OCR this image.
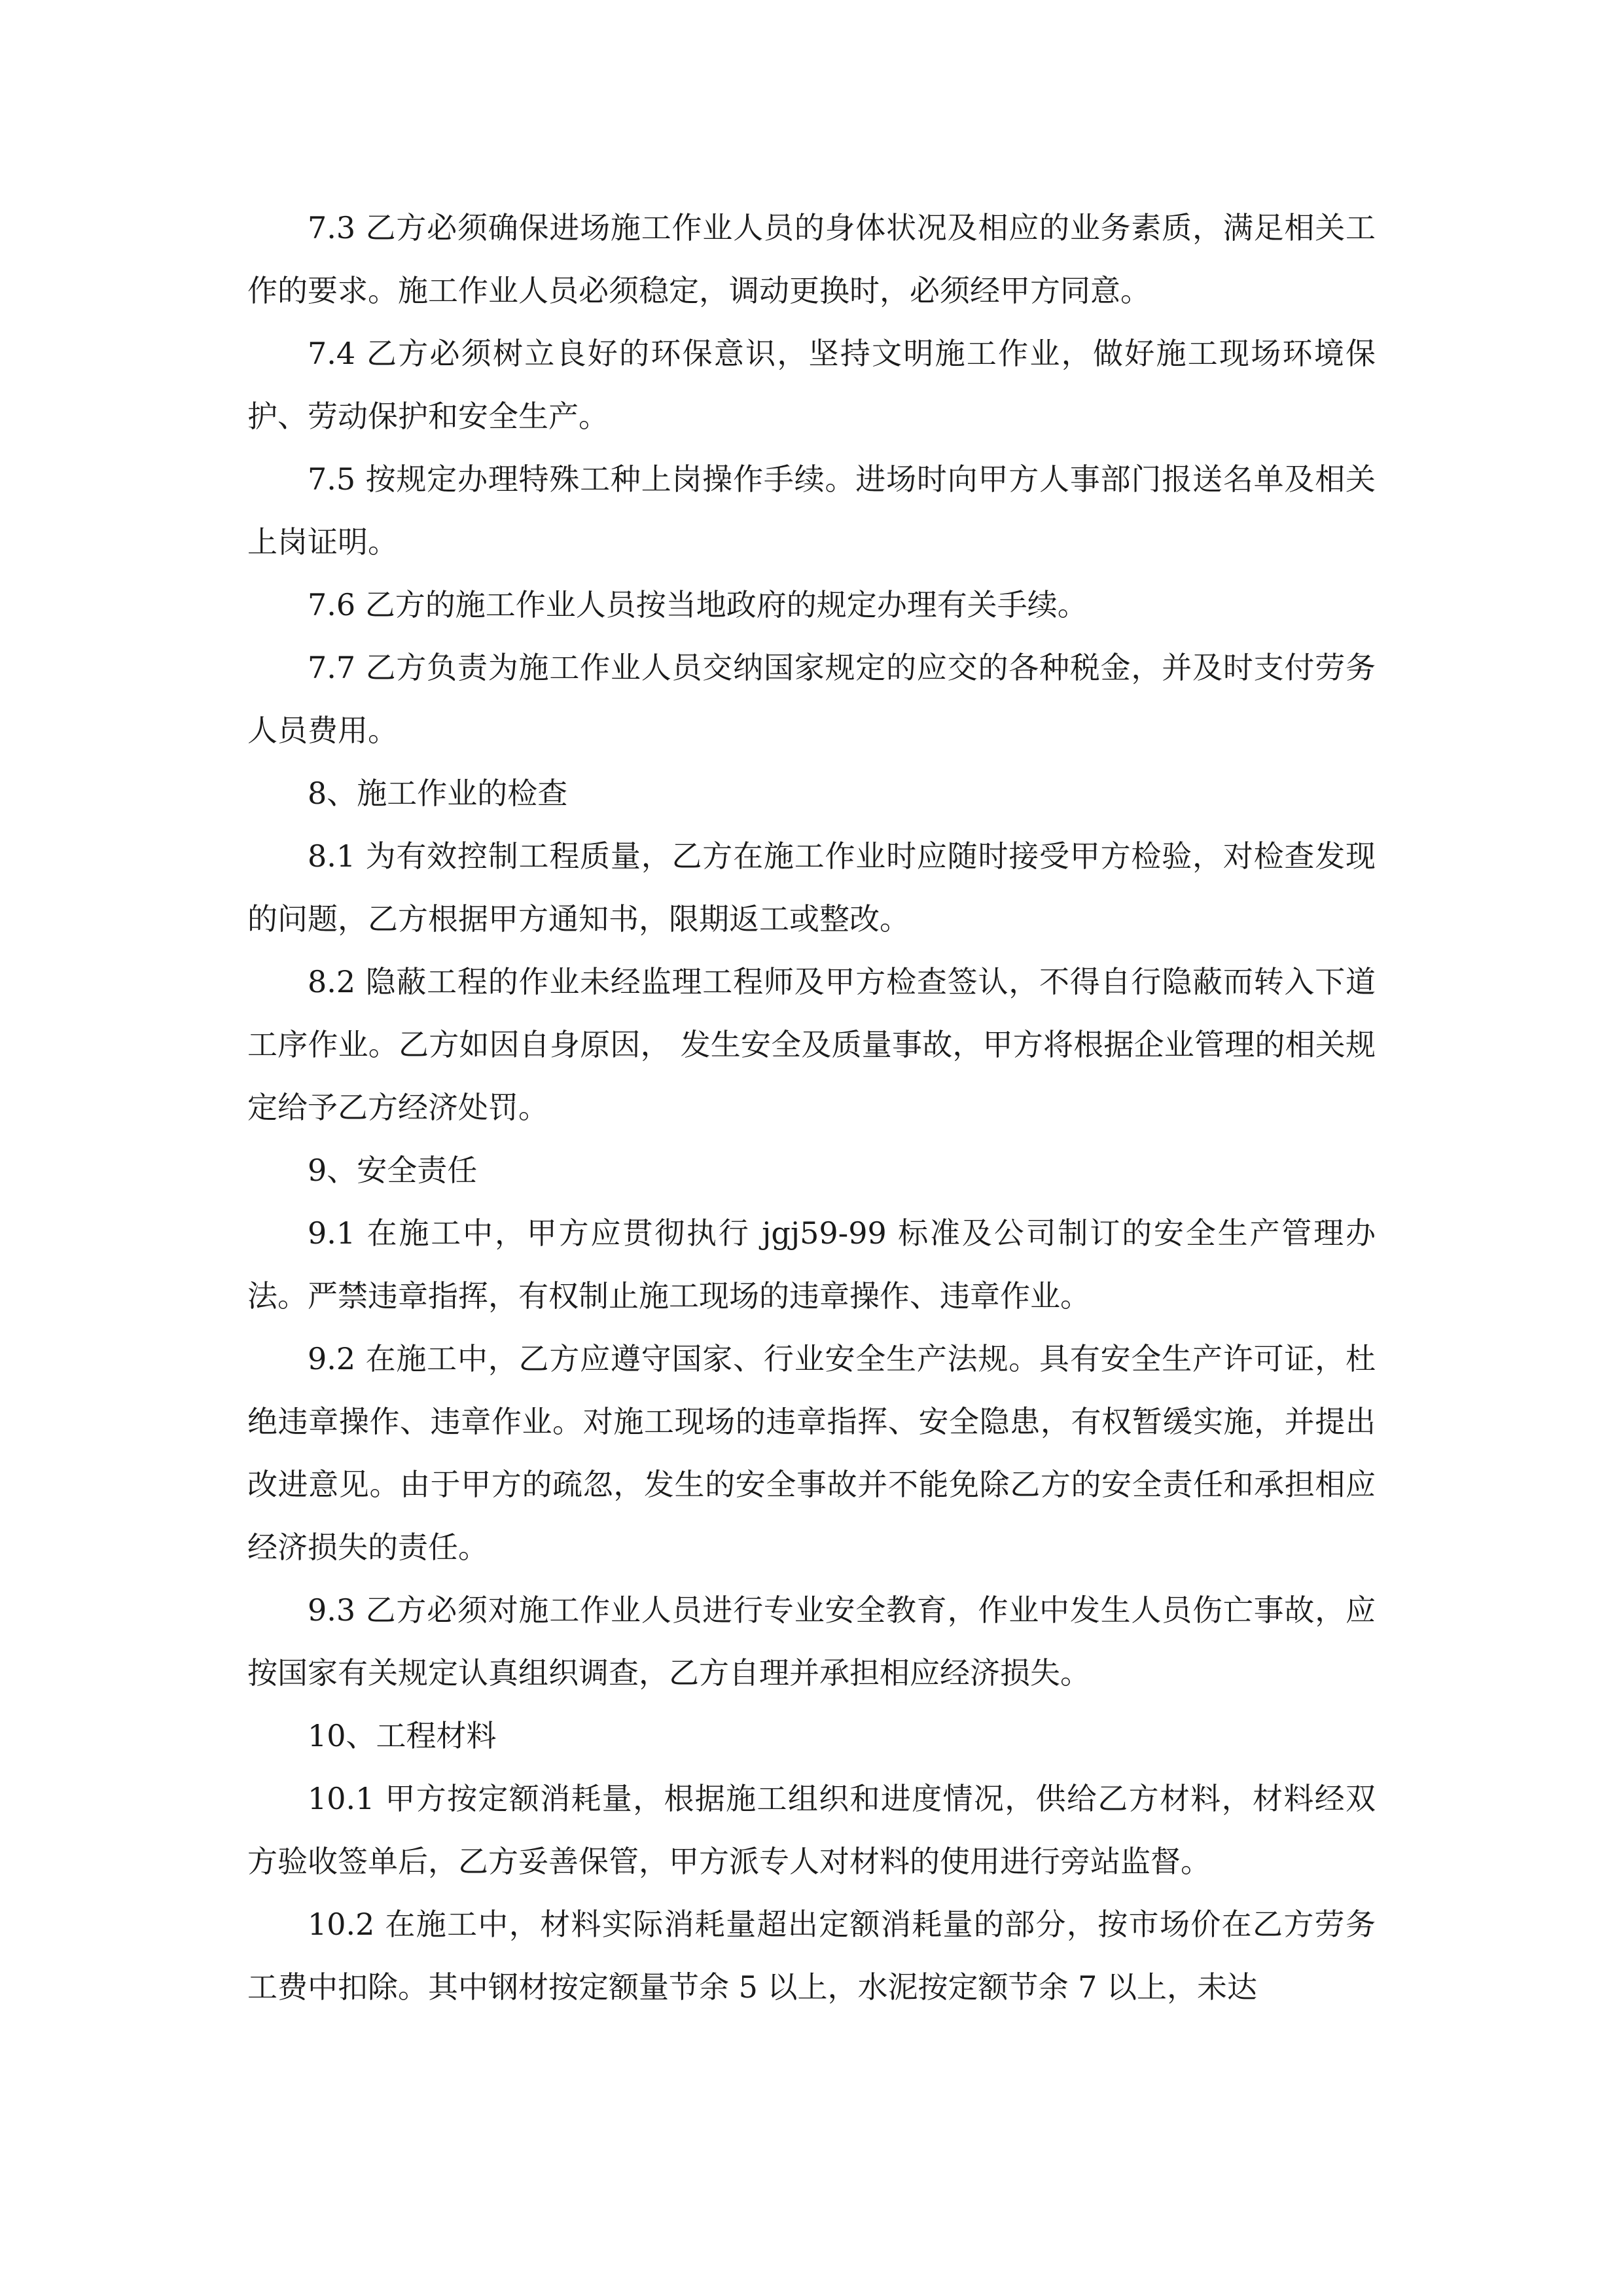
7.3 乙方必须确保进场施工作业人员的身体状况及相应的业务素质，满足相关工作的要求。施工作业人员必须稳定，调动更换时，必须经甲方同意。

7.4 乙方必须树立良好的环保意识，坚持文明施工作业，做好施工现场环境保护、劳动保护和安全生产。

7.5 按规定办理特殊工种上岗操作手续。进场时向甲方人事部门报送名单及相关上岗证明。

7.6 乙方的施工作业人员按当地政府的规定办理有关手续。

7.7 乙方负责为施工作业人员交纳国家规定的应交的各种税金，并及时支付劳务人员费用。

8、施工作业的检查

8.1 为有效控制工程质量，乙方在施工作业时应随时接受甲方检验，对检查发现的问题，乙方根据甲方通知书，限期返工或整改。

8.2 隐蔽工程的作业未经监理工程师及甲方检查签认，不得自行隐蔽而转入下道工序作业。乙方如因自身原因， 发生安全及质量事故，甲方将根据企业管理的相关规定给予乙方经济处罚。

9、安全责任

9.1 在施工中，甲方应贯彻执行 jgj59-99 标准及公司制订的安全生产管理办法。严禁违章指挥，有权制止施工现场的违章操作、违章作业。

9.2 在施工中，乙方应遵守国家、行业安全生产法规。具有安全生产许可证，杜绝违章操作、违章作业。对施工现场的违章指挥、安全隐患，有权暂缓实施，并提出改进意见。由于甲方的疏忽，发生的安全事故并不能免除乙方的安全责任和承担相应经济损失的责任。

9.3 乙方必须对施工作业人员进行专业安全教育，作业中发生人员伤亡事故，应按国家有关规定认真组织调查，乙方自理并承担相应经济损失。

10、工程材料

10.1 甲方按定额消耗量，根据施工组织和进度情况，供给乙方材料，材料经双方验收签单后，乙方妥善保管，甲方派专人对材料的使用进行旁站监督。

10.2 在施工中，材料实际消耗量超出定额消耗量的部分，按市场价在乙方劳务工费中扣除。其中钢材按定额量节余 5 以上，水泥按定额节余 7 以上，未达
